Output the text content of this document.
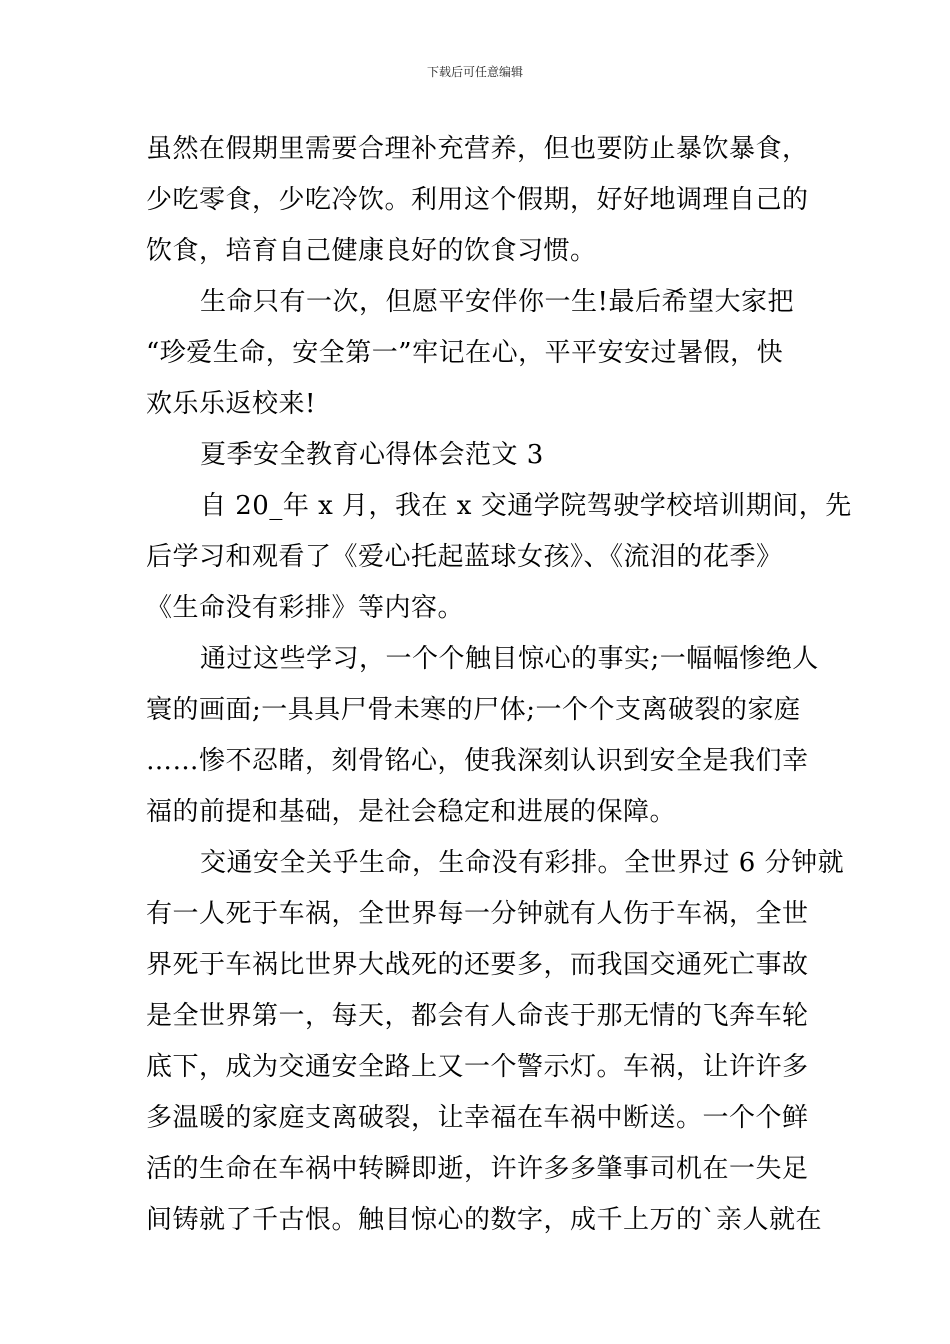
下载后可任意编辑
虽然在假期里需要合理补充营养，但也要防止暴饮暴食，
少吃零食，少吃冷饮。利用这个假期，好好地调理自己的
饮食，培育自己健康良好的饮食习惯。
生命只有一次，但愿平安伴你一生!最后希望大家把
“珍爱生命，安全第一”牢记在心，平平安安过暑假，快
欢乐乐返校来!
夏季安全教育心得体会范文 3
自 20_年 x 月，我在 x 交通学院驾驶学校培训期间，先
后学习和观看了《爱心托起蓝球女孩》、《流泪的花季》
《生命没有彩排》等内容。
通过这些学习，一个个触目惊心的事实;一幅幅惨绝人
寰的画面;一具具尸骨未寒的尸体;一个个支离破裂的家庭
……惨不忍睹，刻骨铭心，使我深刻认识到安全是我们幸
福的前提和基础，是社会稳定和进展的保障。
交通安全关乎生命，生命没有彩排。全世界过 6 分钟就
有一人死于车祸，全世界每一分钟就有人伤于车祸，全世
界死于车祸比世界大战死的还要多，而我国交通死亡事故
是全世界第一，每天，都会有人命丧于那无情的飞奔车轮
底下，成为交通安全路上又一个警示灯。车祸，让许许多
多温暖的家庭支离破裂，让幸福在车祸中断送。一个个鲜
活的生命在车祸中转瞬即逝，许许多多肇事司机在一失足
间铸就了千古恨。触目惊心的数字，成千上万的`亲人就在
